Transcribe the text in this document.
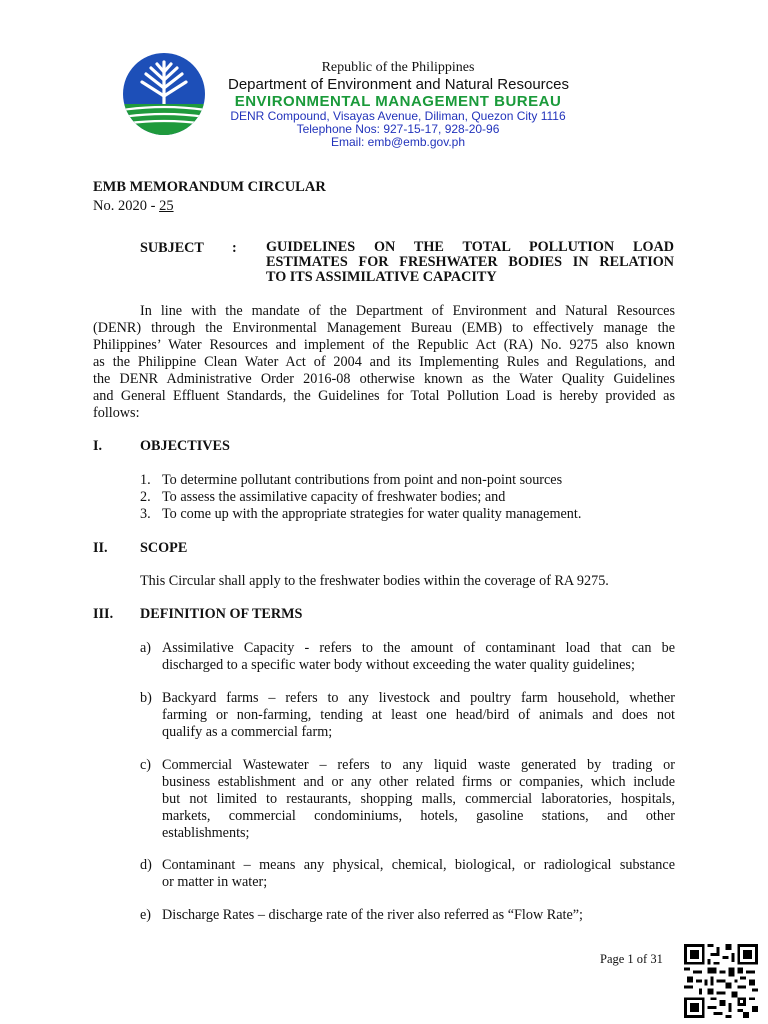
Republic of the Philippines
Department of Environment and Natural Resources
ENVIRONMENTAL MANAGEMENT BUREAU
DENR Compound, Visayas Avenue, Diliman, Quezon City 1116
Telephone Nos: 927-15-17, 928-20-96
Email: emb@emb.gov.ph
EMB MEMORANDUM CIRCULAR
No. 2020 - 25
SUBJECT : GUIDELINES ON THE TOTAL POLLUTION LOAD
ESTIMATES FOR FRESHWATER BODIES IN RELATION
TO ITS ASSIMILATIVE CAPACITY
In line with the mandate of the Department of Environment and Natural Resources
(DENR) through the Environmental Management Bureau (EMB) to effectively manage the
Philippines’ Water Resources and implement of the Republic Act (RA) No. 9275 also known
as the Philippine Clean Water Act of 2004 and its Implementing Rules and Regulations, and
the DENR Administrative Order 2016-08 otherwise known as the Water Quality Guidelines
and General Effluent Standards, the Guidelines for Total Pollution Load is hereby provided as
follows:
I.	OBJECTIVES
1. To determine pollutant contributions from point and non-point sources
2. To assess the assimilative capacity of freshwater bodies; and
3. To come up with the appropriate strategies for water quality management.
II. SCOPE
This Circular shall apply to the freshwater bodies within the coverage of RA 9275.
III. DEFINITION OF TERMS
a) Assimilative Capacity - refers to the amount of contaminant load that can be
discharged to a specific water body without exceeding the water quality guidelines;
b) Backyard farms – refers to any livestock and poultry farm household, whether
farming or non-farming, tending at least one head/bird of animals and does not
qualify as a commercial farm;
c) Commercial Wastewater – refers to any liquid waste generated by trading or
business establishment and or any other related firms or companies, which include
but not limited to restaurants, shopping malls, commercial laboratories, hospitals,
markets, commercial condominiums, hotels, gasoline stations, and other
establishments;
d) Contaminant – means any physical, chemical, biological, or radiological substance
or matter in water;
e) Discharge Rates – discharge rate of the river also referred as “Flow Rate”;
Page 1 of 31
